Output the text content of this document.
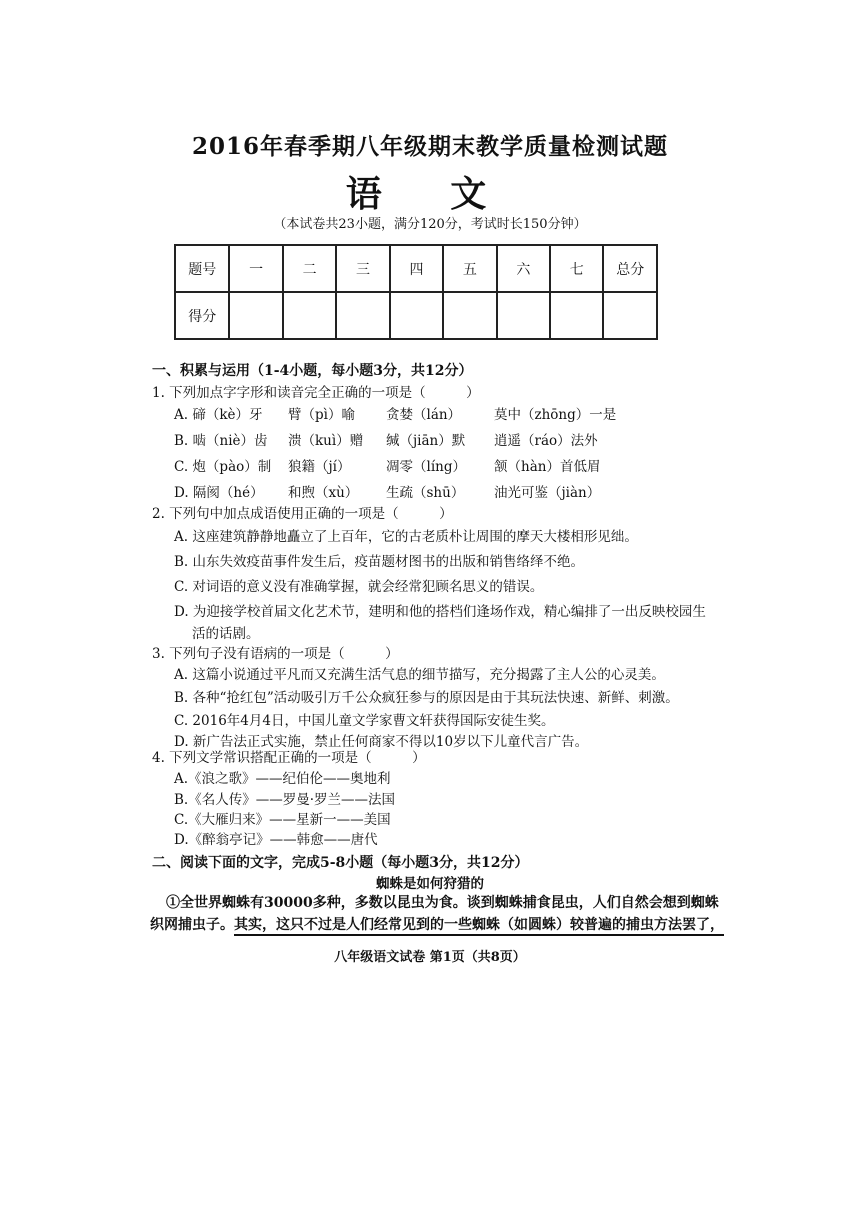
2016年春季期八年级期末教学质量检测试题
语 文
（本试卷共23小题，满分120分，考试时长150分钟）
题号	一	二	三	四	五	六	七	总分
得分								
一、积累与运用（1-4小题，每小题3分，共12分）
1. 下列加点字字形和读音完全正确的一项是（　　　）
A. 碲（kè）牙 臂（pì）喻 贪婪（lán） 莫中（zhōng）一是
B. 啮（niè）齿 溃（kuì）赠 缄（jiān）默 逍遥（ráo）法外
C. 炮（pào）制 狼籍（jí）	凋零（líng） 颔（hàn）首低眉
D. 隔阂（hé） 和煦（xù） 生疏（shū） 油光可鉴（jiàn）
2. 下列句中加点成语使用正确的一项是（　　　）
A. 这座建筑静静地矗立了上百年，它的古老质朴让周围的摩天大楼相形见绌。
B. 山东失效疫苗事件发生后，疫苗题材图书的出版和销售络绎不绝。
C. 对词语的意义没有准确掌握，就会经常犯顾名思义的错误。
D. 为迎接学校首届文化艺术节，建明和他的搭档们逢场作戏，精心编排了一出反映校园生
活的话剧。
3. 下列句子没有语病的一项是（　　　）
A. 这篇小说通过平凡而又充满生活气息的细节描写，充分揭露了主人公的心灵美。
B. 各种“抢红包”活动吸引万千公众疯狂参与的原因是由于其玩法快速、新鲜、刺激。
C. 2016年4月4日，中国儿童文学家曹文轩获得国际安徒生奖。
D. 新广告法正式实施，禁止任何商家不得以10岁以下儿童代言广告。
4. 下列文学常识搭配正确的一项是（　　　）
A.《浪之歌》——纪伯伦——奥地利
B.《名人传》——罗曼·罗兰——法国
C.《大雁归来》——星新一——美国
D.《醉翁亭记》——韩愈——唐代
二、阅读下面的文字，完成5-8小题（每小题3分，共12分）
蜘蛛是如何狩猎的
①全世界蜘蛛有30000多种，多数以昆虫为食。谈到蜘蛛捕食昆虫，人们自然会想到蜘蛛
织网捕虫子。其实，这只不过是人们经常见到的一些蜘蛛（如圆蛛）较普遍的捕虫方法罢了，
八年级语文试卷 第1页（共8页）
